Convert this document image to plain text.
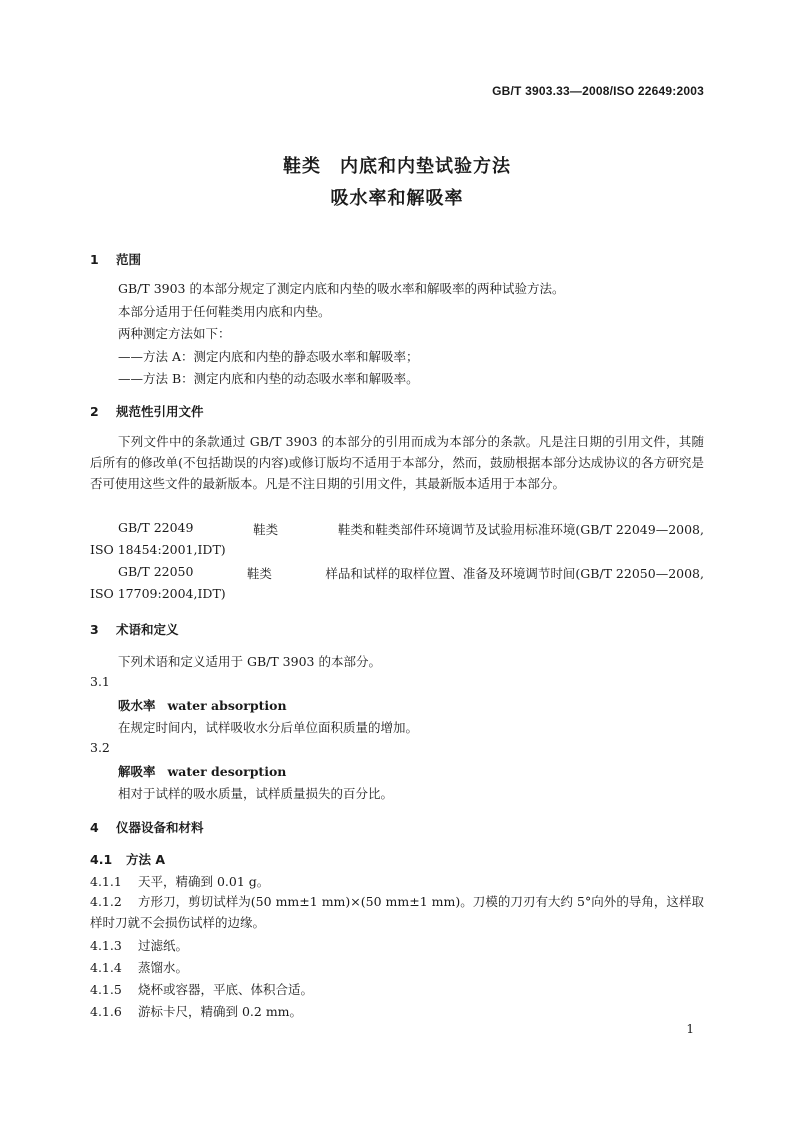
GB/T 3903.33—2008/ISO 22649:2003
鞋类　内底和内垫试验方法
吸水率和解吸率
1 范围
GB/T 3903 的本部分规定了测定内底和内垫的吸水率和解吸率的两种试验方法。
本部分适用于任何鞋类用内底和内垫。
两种测定方法如下：
——方法 A：测定内底和内垫的静态吸水率和解吸率；
——方法 B：测定内底和内垫的动态吸水率和解吸率。
2 规范性引用文件
下列文件中的条款通过 GB/T 3903 的本部分的引用而成为本部分的条款。凡是注日期的引用文件，其随后所有的修改单(不包括勘误的内容)或修订版均不适用于本部分，然而，鼓励根据本部分达成协议的各方研究是否可使用这些文件的最新版本。凡是不注日期的引用文件，其最新版本适用于本部分。
GB/T 22049	鞋类	鞋类和鞋类部件环境调节及试验用标准环境(GB/T 22049—2008,
ISO 18454:2001,IDT)
GB/T 22050	鞋类	样品和试样的取样位置、准备及环境调节时间(GB/T 22050—2008,
ISO 17709:2004,IDT)
3 术语和定义
下列术语和定义适用于 GB/T 3903 的本部分。
3.1
吸水率 water absorption
在规定时间内，试样吸收水分后单位面积质量的增加。
3.2
解吸率 water desorption
相对于试样的吸水质量，试样质量损失的百分比。
4 仪器设备和材料
4.1 方法 A
4.1.1 天平，精确到 0.01 g。
4.1.2 方形刀，剪切试样为(50 mm±1 mm)×(50 mm±1 mm)。刀模的刀刃有大约 5°向外的导角，这样取样时刀就不会损伤试样的边缘。
4.1.3 过滤纸。
4.1.4 蒸馏水。
4.1.5 烧杯或容器，平底、体积合适。
4.1.6 游标卡尺，精确到 0.2 mm。
1
